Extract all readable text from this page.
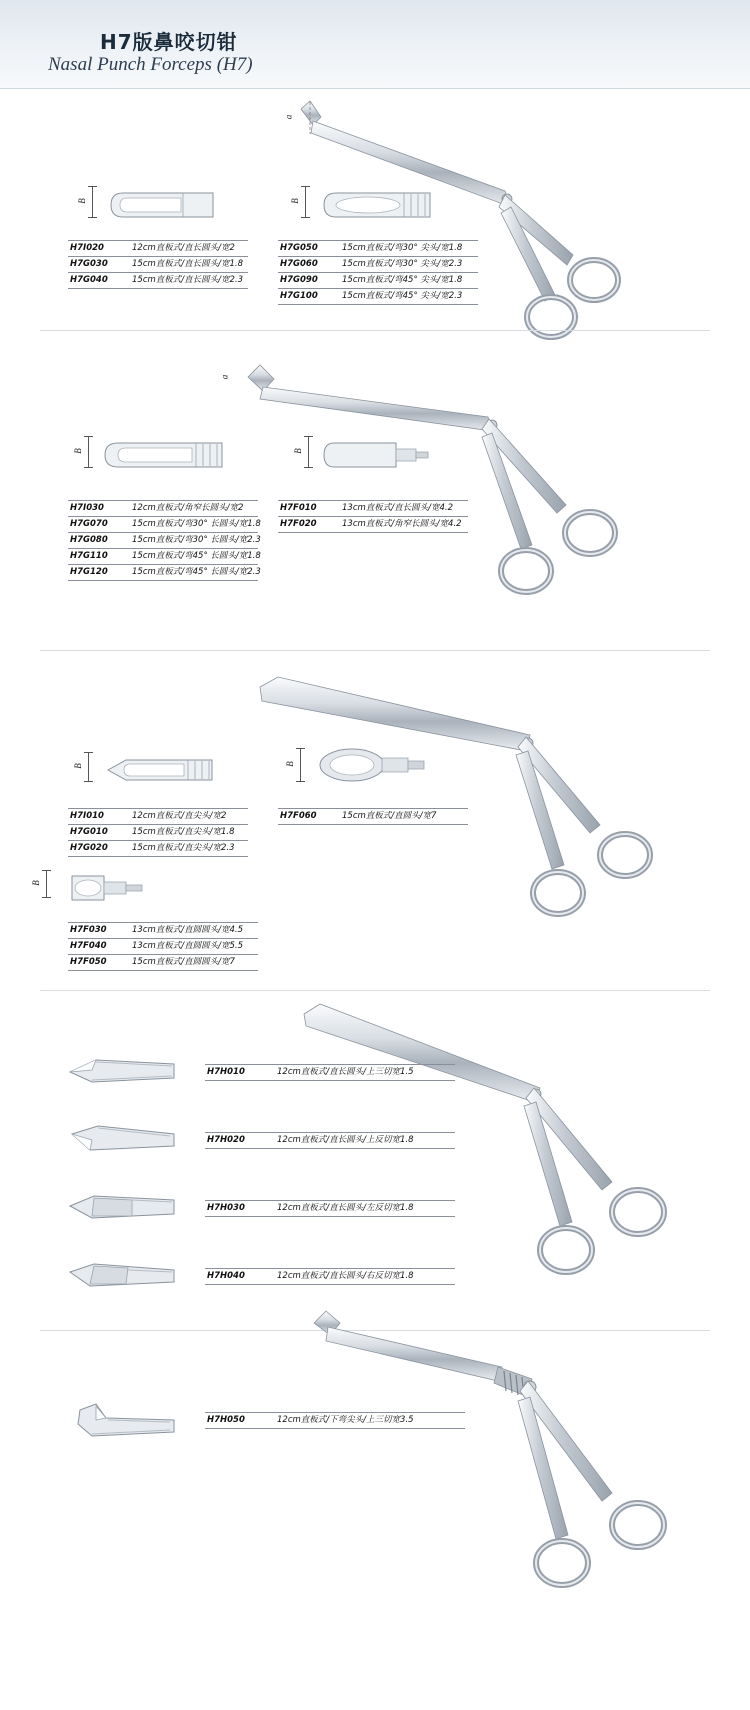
H7版鼻咬切钳
Nasal Punch Forceps (H7)
a
B	B
H7I020	12cm直板式/直长圆头/宽2
H7G030	15cm直板式/直长圆头/宽1.8
H7G040	15cm直板式/直长圆头/宽2.3
H7G050	15cm直板式/弯30° 尖头/宽1.8
H7G060	15cm直板式/弯30° 尖头/宽2.3
H7G090	15cm直板式/弯45° 尖头/宽1.8
H7G100	15cm直板式/弯45° 尖头/宽2.3
a
B	B
H7I030	12cm直板式/角窄长圆头/宽2
H7G070	15cm直板式/弯30° 长圆头/宽1.8
H7G080	15cm直板式/弯30° 长圆头/宽2.3
H7G110	15cm直板式/弯45° 长圆头/宽1.8
H7G120	15cm直板式/弯45° 长圆头/宽2.3
H7F010	13cm直板式/直长圆头/宽4.2
H7F020	13cm直板式/角窄长圆头/宽4.2
B	B
H7I010	12cm直板式/直尖头/宽2
H7G010	15cm直板式/直尖头/宽1.8
H7G020	15cm直板式/直尖头/宽2.3
H7F060	15cm直板式/直圆头/宽7
B
H7F030	13cm直板式/直圆圆头/宽4.5
H7F040	13cm直板式/直圆圆头/宽5.5
H7F050	15cm直板式/直圆圆头/宽7
H7H010	12cm直板式/直长圆头/上三切宽1.5
H7H020	12cm直板式/直长圆头/上反切宽1.8
H7H030	12cm直板式/直长圆头/左反切宽1.8
H7H040	12cm直板式/直长圆头/右反切宽1.8
H7H050	12cm直板式/下弯尖头/上三切宽3.5
